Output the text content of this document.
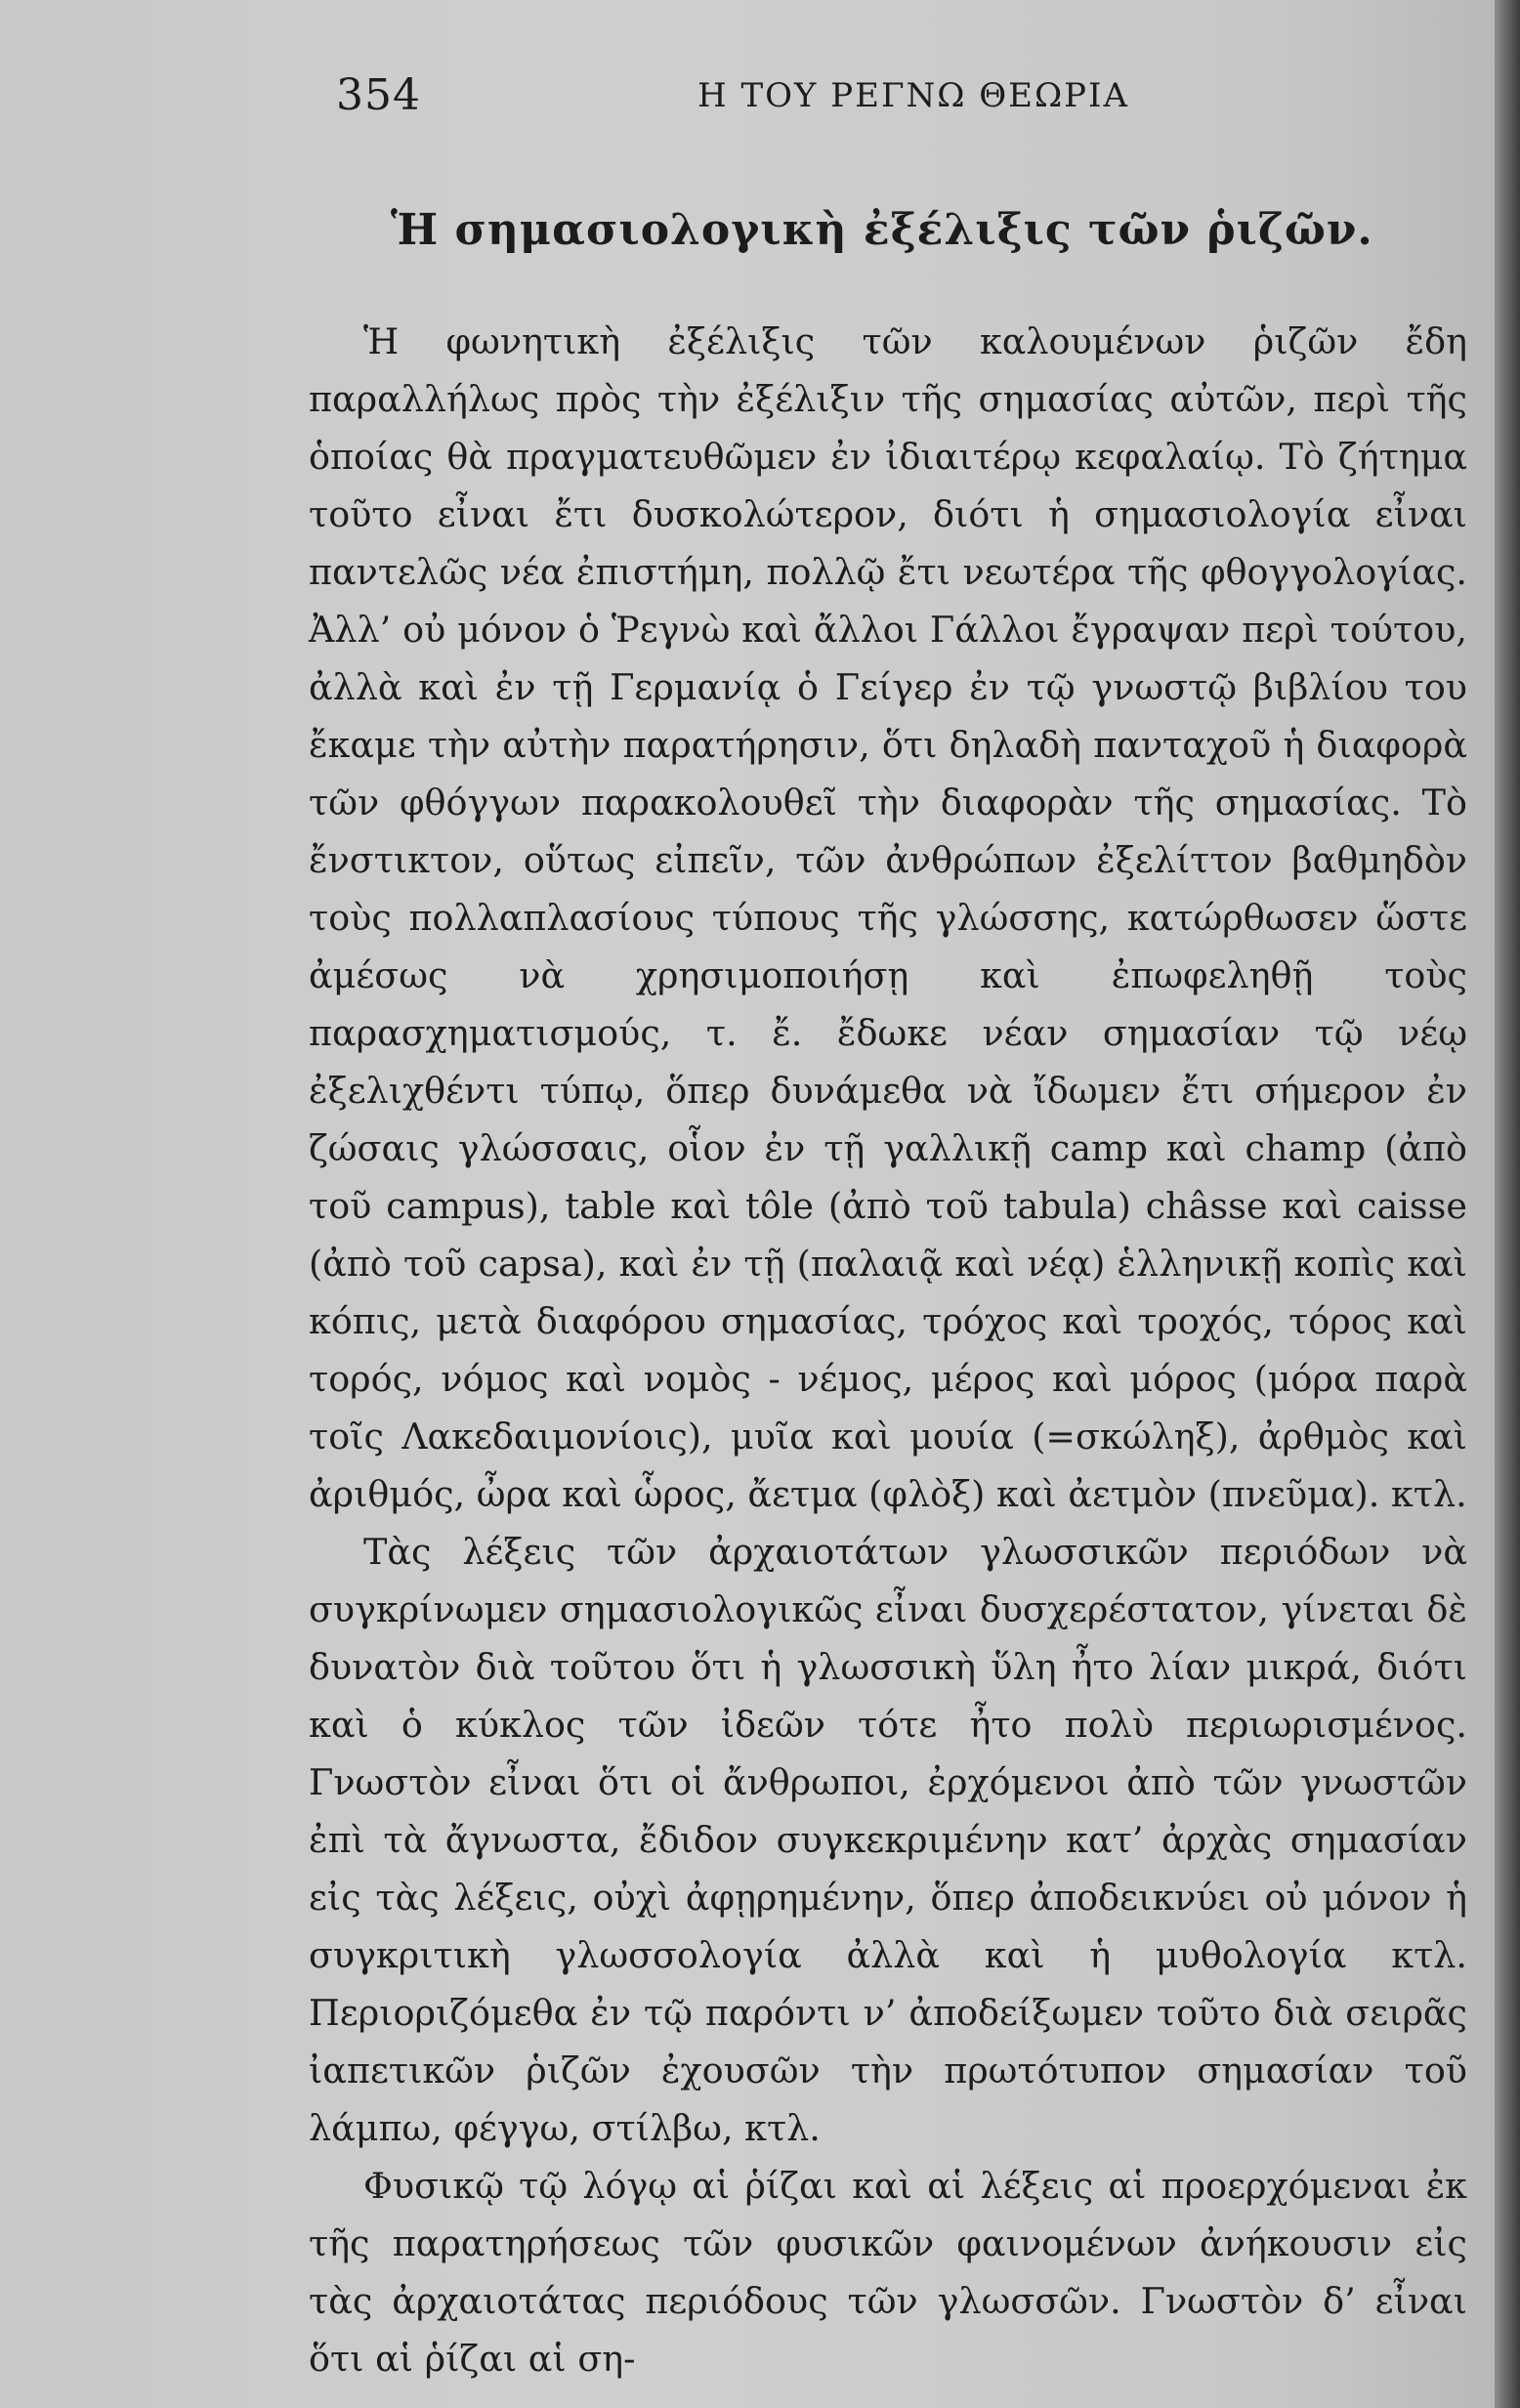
354	Η ΤΟΥ ΡΕΓΝΩ ΘΕΩΡΙΑ
Ἡ σημασιολογικὴ ἐξέλιξις τῶν ῥιζῶν.

Ἡ φωνητικὴ ἐξέλιξις τῶν καλουμένων ῥιζῶν ἔδη παραλλήλως πρὸς τὴν ἐξέλιξιν τῆς σημασίας αὐτῶν, περὶ τῆς ὁποίας θὰ πραγματευθῶμεν ἐν ἰδιαιτέρῳ κεφαλαίῳ. Τὸ ζήτημα τοῦτο εἶναι ἔτι δυσκολώτερον, διότι ἡ σημασιολογία εἶναι παντελῶς νέα ἐπιστήμη, πολλῷ ἔτι νεωτέρα τῆς φθογγολογίας. Ἀλλ’ οὐ μόνον ὁ Ῥεγνὼ καὶ ἄλλοι Γάλλοι ἔγραψαν περὶ τούτου, ἀλλὰ καὶ ἐν τῇ Γερμανίᾳ ὁ Γείγερ ἐν τῷ γνωστῷ βιβλίου του ἔκαμε τὴν αὐτὴν παρατήρησιν, ὅτι δηλαδὴ πανταχοῦ ἡ διαφορὰ τῶν φθόγγων παρακολουθεῖ τὴν διαφορὰν τῆς σημασίας. Τὸ ἔνστικτον, οὕτως εἰπεῖν, τῶν ἀνθρώπων ἐξελίττον βαθμηδὸν τοὺς πολλαπλασίους τύπους τῆς γλώσσης, κατώρθωσεν ὥστε ἀμέσως νὰ χρησιμοποιήσῃ καὶ ἐπωφεληθῇ τοὺς παρασχηματισμούς, τ. ἔ. ἔδωκε νέαν σημασίαν τῷ νέῳ ἐξελιχθέντι τύπῳ, ὅπερ δυνάμεθα νὰ ἴδωμεν ἔτι σήμερον ἐν ζώσαις γλώσσαις, οἷον ἐν τῇ γαλλικῇ camp καὶ champ (ἀπὸ τοῦ campus), table καὶ tôle (ἀπὸ τοῦ tabula) châsse καὶ caisse (ἀπὸ τοῦ capsa), καὶ ἐν τῇ (παλαιᾷ καὶ νέᾳ) ἑλληνικῇ κοπὶς καὶ κόπις, μετὰ διαφόρου σημασίας, τρόχος καὶ τροχός, τόρος καὶ τορός, νόμος καὶ νομὸς - νέμος, μέρος καὶ μόρος (μόρα παρὰ τοῖς Λακεδαιμονίοις), μυῖα καὶ μουία (=σκώληξ), ἀρθμὸς καὶ ἀριθμός, ὦρα καὶ ὧρος, ἄετμα (φλὸξ) καὶ ἀετμὸν (πνεῦμα). κτλ.

Τὰς λέξεις τῶν ἀρχαιοτάτων γλωσσικῶν περιόδων νὰ συγκρίνωμεν σημασιολογικῶς εἶναι δυσχερέστατον, γίνεται δὲ δυνατὸν διὰ τοῦτου ὅτι ἡ γλωσσικὴ ὕλη ἦτο λίαν μικρά, διότι καὶ ὁ κύκλος τῶν ἰδεῶν τότε ἦτο πολὺ περιωρισμένος. Γνωστὸν εἶναι ὅτι οἱ ἄνθρωποι, ἐρχόμενοι ἀπὸ τῶν γνωστῶν ἐπὶ τὰ ἄγνωστα, ἔδιδον συγκεκριμένην κατ’ ἀρχὰς σημασίαν εἰς τὰς λέξεις, οὐχὶ ἀφῃρημένην, ὅπερ ἀποδεικνύει οὐ μόνον ἡ συγκριτικὴ γλωσσολογία ἀλλὰ καὶ ἡ μυθολογία κτλ. Περιοριζόμεθα ἐν τῷ παρόντι ν’ ἀποδείξωμεν τοῦτο διὰ σειρᾶς ἰαπετικῶν ῥιζῶν ἐχουσῶν τὴν πρωτότυπον σημασίαν τοῦ λάμπω, φέγγω, στίλβω, κτλ.

Φυσικῷ τῷ λόγῳ αἱ ῥίζαι καὶ αἱ λέξεις αἱ προερχόμεναι ἐκ τῆς παρατηρήσεως τῶν φυσικῶν φαινομένων ἀνήκουσιν εἰς τὰς ἀρχαιοτάτας περιόδους τῶν γλωσσῶν. Γνωστὸν δ’ εἶναι ὅτι αἱ ῥίζαι αἱ ση-
